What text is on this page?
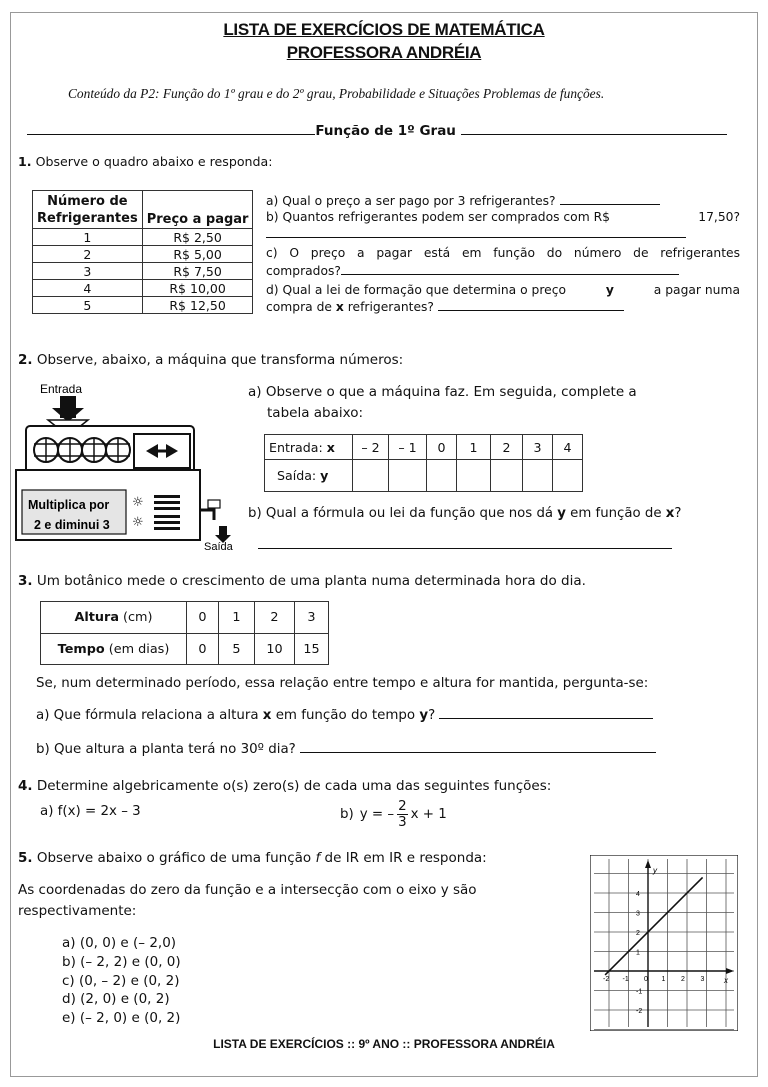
LISTA DE EXERCÍCIOS DE MATEMÁTICA
PROFESSORA ANDRÉIA
Conteúdo da P2: Função do 1º grau e do 2º grau, Probabilidade e Situações Problemas de funções.
Função de 1º Grau
1. Observe o quadro abaixo e responda:
Número de
Refrigerantes	Preço a pagar
1	R$ 2,50
2	R$ 5,00
3	R$ 7,50
4	R$ 10,00
5	R$ 12,50
a) Qual o preço a ser pago por 3 refrigerantes?
b) Quantos refrigerantes podem ser comprados com R$	17,50?
c) O preço a pagar está em função do número de refrigerantes
comprados?
d) Qual a lei de formação que determina o preço	y	a pagar numa
compra de x refrigerantes?
2. Observe, abaixo, a máquina que transforma números:
Entrada
Multiplica por
2 e diminui 3
☼
☼
Saída
a) Observe o que a máquina faz. Em seguida, complete a
tabela abaixo:
Entrada: x	– 2	– 1	0	1	2	3	4
Saída: y							
b) Qual a fórmula ou lei da função que nos dá y em função de x?
3. Um botânico mede o crescimento de uma planta numa determinada hora do dia.
Altura (cm)	0	1	2	3
Tempo (em dias)	0	5	10	15
Se, num determinado período, essa relação entre tempo e altura for mantida, pergunta-se:
a) Que fórmula relaciona a altura x em função do tempo y?
b) Que altura a planta terá no 30º dia?
4. Determine algebricamente o(s) zero(s) de cada uma das seguintes funções:
a) f(x) = 2x – 3	b) y = – $\frac{2}{3}$ x + 1
5. Observe abaixo o gráfico de uma função f de IR em IR e responda:
As coordenadas do zero da função e a intersecção com o eixo y são
respectivamente:
a) (0, 0) e (– 2,0)
b) (– 2, 2) e (0, 0)
c) (0, – 2) e (0, 2)
d) (2, 0) e (0, 2)
e) (– 2, 0) e (0, 2)
x
y
-2 -1 0 1 2 3
-2
-1
1
2
3
4
LISTA DE EXERCÍCIOS :: 9º ANO :: PROFESSORA ANDRÉIA
